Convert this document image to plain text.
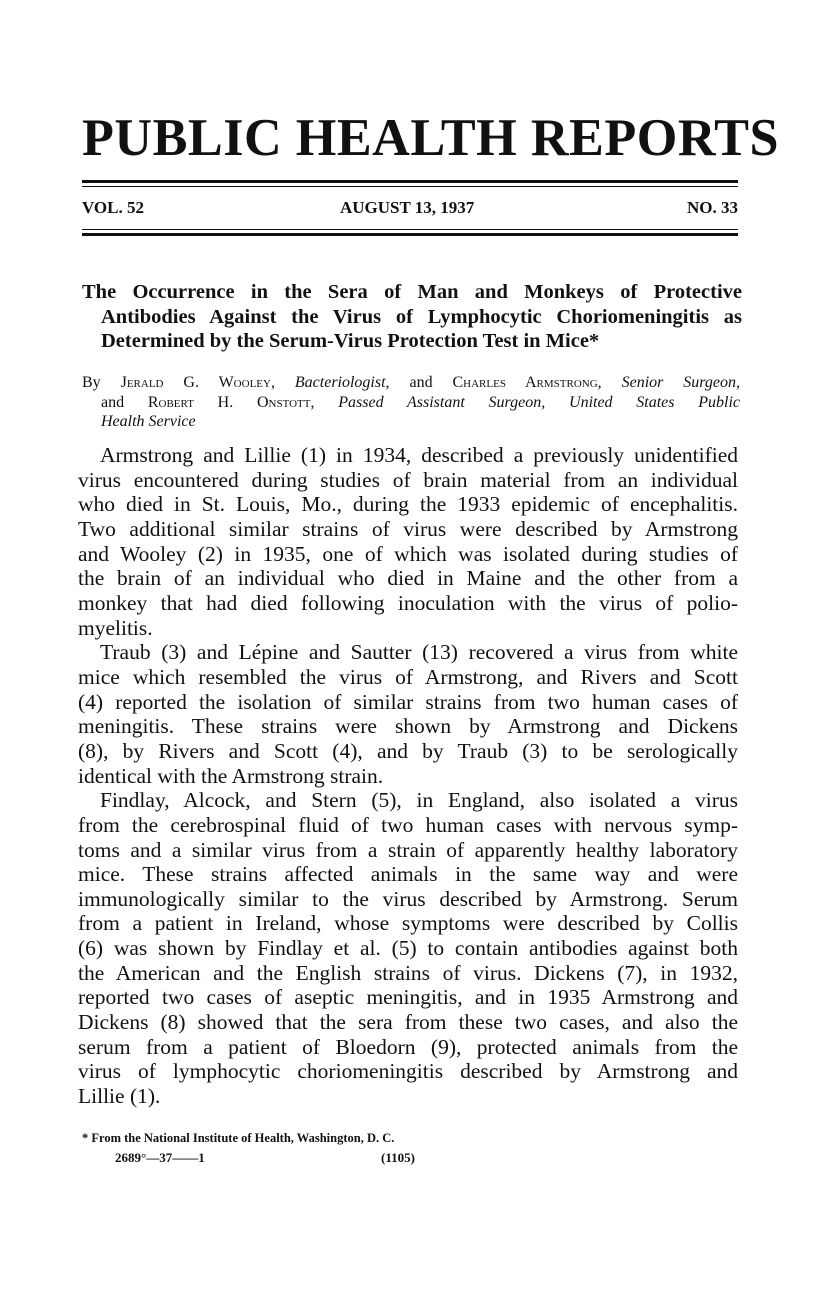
PUBLIC HEALTH REPORTS
VOL. 52	AUGUST 13, 1937	NO. 33
The Occurrence in the Sera of Man and Monkeys of Protective
Antibodies Against the Virus of Lymphocytic Choriomeningitis as
Determined by the Serum-Virus Protection Test in Mice*
By Jerald G. Wooley, Bacteriologist, and Charles Armstrong, Senior Surgeon,
and Robert H. Onstott, Passed Assistant Surgeon, United States Public
Health Service
Armstrong and Lillie (1) in 1934, described a previously unidentified
virus encountered during studies of brain material from an individual
who died in St. Louis, Mo., during the 1933 epidemic of encephalitis.
Two additional similar strains of virus were described by Armstrong
and Wooley (2) in 1935, one of which was isolated during studies of
the brain of an individual who died in Maine and the other from a
monkey that had died following inoculation with the virus of polio-
myelitis.
Traub (3) and Lépine and Sautter (13) recovered a virus from white
mice which resembled the virus of Armstrong, and Rivers and Scott
(4) reported the isolation of similar strains from two human cases of
meningitis. These strains were shown by Armstrong and Dickens
(8), by Rivers and Scott (4), and by Traub (3) to be serologically
identical with the Armstrong strain.
Findlay, Alcock, and Stern (5), in England, also isolated a virus
from the cerebrospinal fluid of two human cases with nervous symp-
toms and a similar virus from a strain of apparently healthy laboratory
mice. These strains affected animals in the same way and were
immunologically similar to the virus described by Armstrong. Serum
from a patient in Ireland, whose symptoms were described by Collis
(6) was shown by Findlay et al. (5) to contain antibodies against both
the American and the English strains of virus. Dickens (7), in 1932,
reported two cases of aseptic meningitis, and in 1935 Armstrong and
Dickens (8) showed that the sera from these two cases, and also the
serum from a patient of Bloedorn (9), protected animals from the
virus of lymphocytic choriomeningitis described by Armstrong and
Lillie (1).
* From the National Institute of Health, Washington, D. C.
2689°—37——1	(1105)
